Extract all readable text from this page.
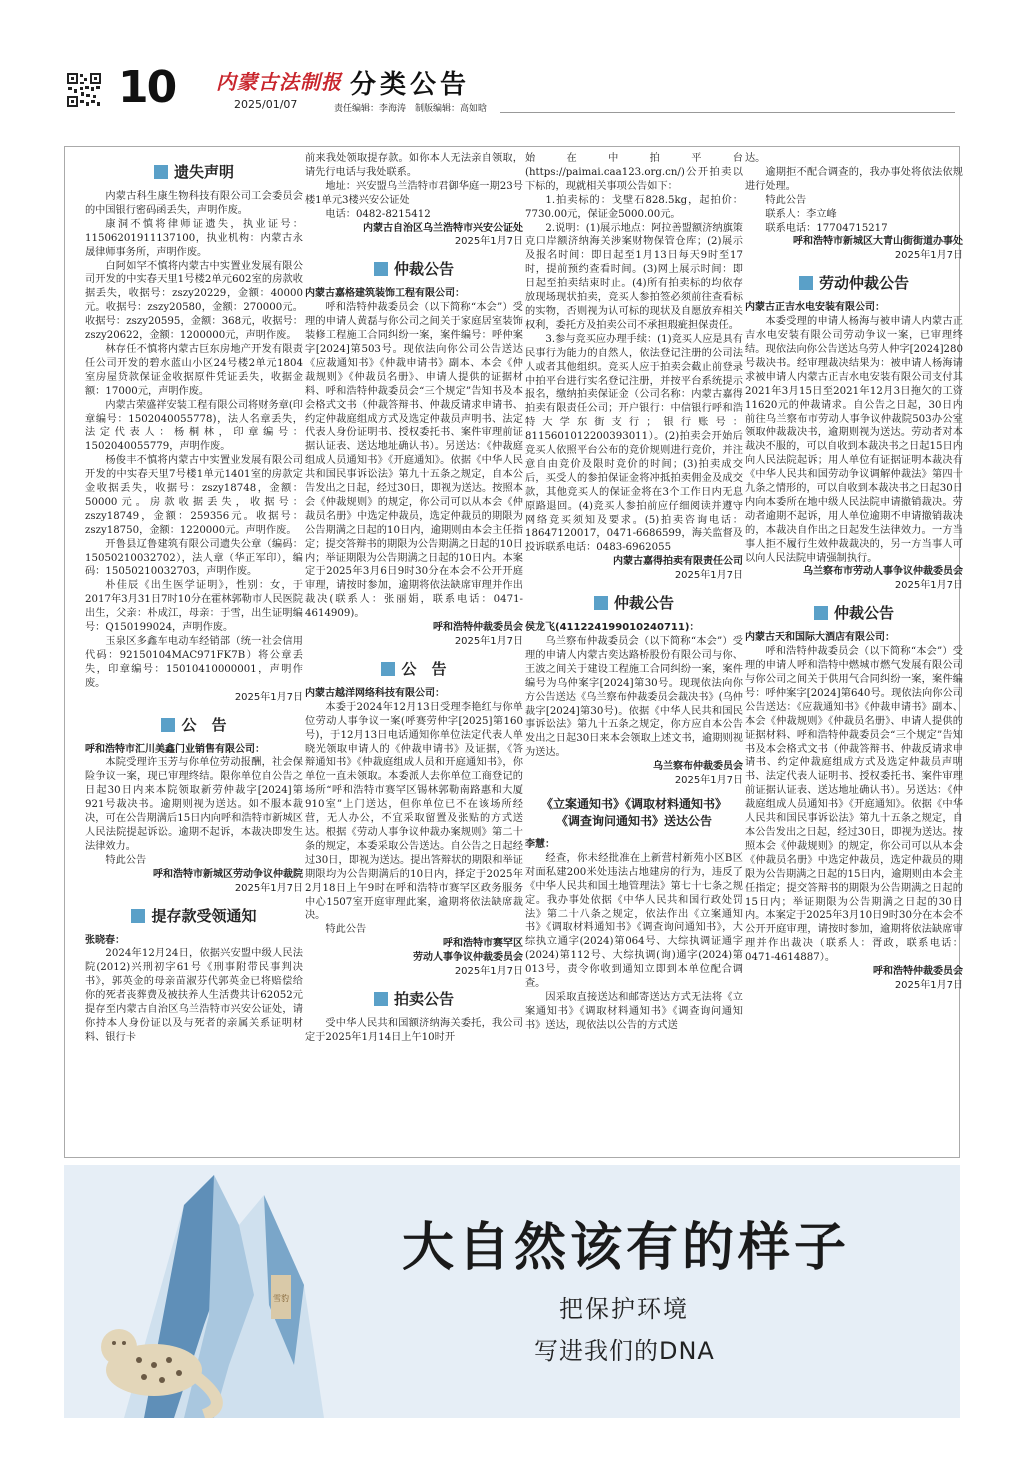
10 内蒙古法制报
2025/01/07
分类公告
责任编辑：李海涛　制版编辑：高如晗
遗失声明

内蒙古科生康生物科技有限公司工会委员会的中国银行密码函丢失，声明作废。

康洞不慎将律师证遗失，执业证号：11506201911137100，执业机构：内蒙古永晟律师事务所，声明作废。

白阿如罕不慎将内蒙古中实置业发展有限公司开发的中实春天里1号楼2单元602室的房款收据丢失，收据号：zszy20229，金额：40000元。收据号：zszy20580，金额：270000元。收据号：zszy20595，金额：368元，收据号：zszy20622，金额：1200000元，声明作废。

林存任不慎将内蒙古巨东房地产开发有限责任公司开发的碧水蓝山小区24号楼2单元1804室房屋贷款保证金收据原件凭证丢失，收据金额：17000元，声明作废。

内蒙古荣盛祥安装工程有限公司将财务章(印章编号：1502040055778)，法人名章丢失，法定代表人：杨桐林，印章编号：1502040055779，声明作废。

杨俊丰不慎将内蒙古中实置业发展有限公司开发的中实春天里7号楼1单元1401室的房款定金收据丢失，收据号：zszy18748，金额：50000元。房款收据丢失，收据号：zszy18749，金额：259356元。收据号：zszy18750，金额：1220000元。声明作废。

开鲁县辽鲁建筑有限公司遗失公章（编码：15050210032702），法人章（华正军印），编码：15050210032703，声明作废。

朴佳辰《出生医学证明》，性别：女，于2017年3月31日7时10分在霍林郭勒市人民医院出生，父亲：朴成江，母亲：于雪，出生证明编号：Q150199024，声明作废。

玉泉区多鑫车电动车经销部（统一社会信用代码：92150104MAC971FK7B）将公章丢失，印章编号：15010410000001，声明作废。

2025年1月7日
公　告
呼和浩特市汇川美鑫门业销售有限公司：

本院受理许玉芳与你单位劳动报酬，社会保险争议一案，现已审理终结。限你单位自公告之日起30日内来本院领取新劳仲裁字[2024]第921号裁决书。逾期则视为送达。如不服本裁决，可在公告期满后15日内向呼和浩特市新城区人民法院提起诉讼。逾期不起诉，本裁决即发生法律效力。

特此公告

呼和浩特市新城区劳动争议仲裁院
2025年1月7日
提存款受领通知
张晓春：

2024年12月24日，依据兴安盟中级人民法院(2012)兴刑初字61号《刑事附带民事判决书》，郭英金的母亲苗淑芬代郭英金已将赔偿给你的死者丧葬费及被扶养人生活费共计62052元提存至内蒙古自治区乌兰浩特市兴安公证处，请你持本人身份证以及与死者的亲属关系证明材料、银行卡

前来我处领取提存款。如你本人无法亲自领取，请先行电话与我处联系。

地址：兴安盟乌兰浩特市君御华庭一期23号楼1单元3楼兴安公证处

电话：0482-8215412

内蒙古自治区乌兰浩特市兴安公证处
2025年1月7日
仲裁公告
内蒙古嘉格建筑装饰工程有限公司：

呼和浩特仲裁委员会（以下简称“本会”）受理的申请人黄磊与你公司之间关于家庭居室装饰装修工程施工合同纠纷一案，案件编号：呼仲案字[2024]第503号。现依法向你公司公告送达《应裁通知书》《仲裁申请书》副本、本会《仲裁规则》《仲裁员名册》、申请人提供的证据材料、呼和浩特仲裁委员会“三个规定”告知书及本会格式文书（仲裁答辩书、仲裁反请求申请书、约定仲裁庭组成方式及选定仲裁员声明书、法定代表人身份证明书、授权委托书、案件审理前证据认证表、送达地址确认书）。另送达：《仲裁庭组成人员通知书》《开庭通知》。依据《中华人民共和国民事诉讼法》第九十五条之规定，自本公告发出之日起，经过30日，即视为送达。按照本会《仲裁规则》的规定，你公司可以从本会《仲裁员名册》中选定仲裁员，选定仲裁员的期限为公告期满之日起的10日内，逾期则由本会主任指定；提交答辩书的期限为公告期满之日起的10日内；举证期限为公告期满之日起的10日内。本案定于2025年3月6日9时30分在本会不公开开庭审理，请按时参加，逾期将依法缺席审理并作出裁决(联系人：张丽娟，联系电话：0471-4614909)。

呼和浩特仲裁委员会
2025年1月7日
公　告
内蒙古越洋网络科技有限公司：

本委于2024年12月13日受理李艳红与你单位劳动人事争议一案(呼赛劳仲字[2025]第160号)，于12月13日电话通知你单位法定代表人单晓光领取申请人的《仲裁申请书》及证据，《答辩通知书》《仲裁庭组成人员和开庭通知书》，你单位一直未领取。本委派人去你单位工商登记的场所“呼和浩特市赛罕区锡林郭勒南路惠和大厦910室”上门送达，但你单位已不在该场所经营，无人办公，不宜采取留置及张贴的方式送达。根据《劳动人事争议仲裁办案规则》第二十条的规定，本委采取公告送达。自公告之日起经过30日，即视为送达。提出答辩状的期限和举证期限均为公告期满后的10日内，择定于2025年2月18日上午9时在呼和浩特市赛罕区政务服务中心1507室开庭审理此案，逾期将依法缺席裁决。

特此公告

呼和浩特市赛罕区
劳动人事争议仲裁委员会
2025年1月7日
拍卖公告

受中华人民共和国额济纳海关委托，我公司定于2025年1月14日上午10时开

始在中拍平台(https://paimai.caa123.org.cn/)公开拍卖以下标的，现就相关事项公告如下：

1.拍卖标的：戈壁石828.5kg，起拍价：7730.00元，保证金5000.00元。

2.说明：(1)展示地点：阿拉善盟额济纳旗策克口岸额济纳海关涉案财物保管仓库；(2)展示及报名时间：即日起至1月13日每天9时至17时，提前预约查看时间。(3)网上展示时间：即日起至拍卖结束时止。(4)所有拍卖标的均依存放现场现状拍卖，竞买人参拍签必须前往查看标的实物，否则视为认可标的现状及自愿放弃相关权利，委托方及拍卖公司不承担瑕疵担保责任。

3.参与竞买应办理手续：(1)竞买人应是具有民事行为能力的自然人，依法登记注册的公司法人或者其他组织。竞买人应于拍卖会截止前登录中拍平台进行实名登记注册，并按平台系统提示报名，缴纳拍卖保证金（公司名称：内蒙古嘉得拍卖有限责任公司；开户银行：中信银行呼和浩特大学东街支行；银行账号：8115601012200393011）。(2)拍卖会开始后竞买人依照平台公布的竞价规则进行竞价，并注意自由竞价及限时竞价的时间；(3)拍卖成交后，买受人的参拍保证金将冲抵拍卖佣金及成交款，其他竞买人的保证金将在3个工作日内无息原路退回。(4)竞买人参拍前应仔细阅读并遵守网络竞买须知及要求。(5)拍卖咨询电话：18647120017，0471-6686599，海关监督及投诉联系电话：0483-6962055

内蒙古嘉得拍卖有限责任公司
2025年1月7日
仲裁公告
侯龙飞(411224199010240711)：

乌兰察布仲裁委员会（以下简称“本会”）受理的申请人内蒙古奕达路桥股份有限公司与你、王波之间关于建设工程施工合同纠纷一案，案件编号为乌仲案字[2024]第30号。现现依法向你方公告送达《乌兰察布仲裁委员会裁决书》(乌仲裁字[2024]第30号)。依据《中华人民共和国民事诉讼法》第九十五条之规定，你方应自本公告发出之日起30日来本会领取上述文书，逾期则视为送达。

乌兰察布仲裁委员会
2025年1月7日
《立案通知书》《调取材料通知书》
《调查询问通知书》送达公告
李慧：

经查，你未经批准在上新营村新苑小区B区对面私建200米处违法占地建房的行为，违反了《中华人民共和国土地管理法》第七十七条之规定。我办事处依据《中华人民共和国行政处罚法》第二十八条之规定，依法作出《立案通知书》《调取材料通知书》《调查询问通知书》，大综执立通字(2024)第064号、大综执调证通字(2024)第112号、大综执调(询)通字(2024)第013号，责令你收到通知立即到本单位配合调查。

因采取直接送达和邮寄送达方式无法将《立案通知书》《调取材料通知书》《调查询问通知书》送达，现依法以公告的方式送

达。

逾期拒不配合调查的，我办事处将依法依规进行处理。

特此公告

联系人：李立峰

联系电话：17704715217

呼和浩特市新城区大青山街街道办事处
2025年1月7日
劳动仲裁公告
内蒙古正吉水电安装有限公司：

本委受理的申请人杨海与被申请人内蒙古正吉水电安装有限公司劳动争议一案，已审理终结。现依法向你公告送达乌劳人仲字[2024]280号裁决书。经审理裁决结果为：被申请人杨海请求被申请人内蒙古正吉水电安装有限公司支付其2021年3月15日至2021年12月3日拖欠的工资11620元的仲裁请求。自公告之日起，30日内前往乌兰察布市劳动人事争议仲裁院503办公室领取仲裁裁决书，逾期则视为送达。劳动者对本裁决不服的，可以自收到本裁决书之日起15日内向人民法院起诉；用人单位有证据证明本裁决有《中华人民共和国劳动争议调解仲裁法》第四十九条之情形的，可以自收到本裁决书之日起30日内向本委所在地中级人民法院申请撤销裁决。劳动者逾期不起诉，用人单位逾期不申请撤销裁决的，本裁决自作出之日起发生法律效力。一方当事人拒不履行生效仲裁裁决的，另一方当事人可以向人民法院申请强制执行。

乌兰察布市劳动人事争议仲裁委员会
2025年1月7日
仲裁公告
内蒙古天和国际大酒店有限公司：

呼和浩特仲裁委员会（以下简称“本会”）受理的申请人呼和浩特中燃城市燃气发展有限公司与你公司之间关于供用气合同纠纷一案，案件编号：呼仲案字[2024]第640号。现依法向你公司公告送达：《应裁通知书》《仲裁申请书》副本、本会《仲裁规则》《仲裁员名册》、申请人提供的证据材料、呼和浩特仲裁委员会“三个规定”告知书及本会格式文书（仲裁答辩书、仲裁反请求申请书、约定仲裁庭组成方式及选定仲裁员声明书、法定代表人证明书、授权委托书、案件审理前证据认证表、送达地址确认书）。另送达：《仲裁庭组成人员通知书》《开庭通知》。依据《中华人民共和国民事诉讼法》第九十五条之规定，自本公告发出之日起，经过30日，即视为送达。按照本会《仲裁规则》的规定，你公司可以从本会《仲裁员名册》中选定仲裁员，选定仲裁员的期限为公告期满之日起的15日内，逾期则由本会主任指定；提交答辩书的期限为公告期满之日起的15日内；举证期限为公告期满之日起的30日内。本案定于2025年3月10日9时30分在本会不公开开庭审理，请按时参加，逾期将依法缺席审理并作出裁决（联系人：胥政，联系电话：0471-4614887）。

呼和浩特仲裁委员会
2025年1月7日
雪豹
大自然该有的样子
把保护环境
写进我们的DNA
